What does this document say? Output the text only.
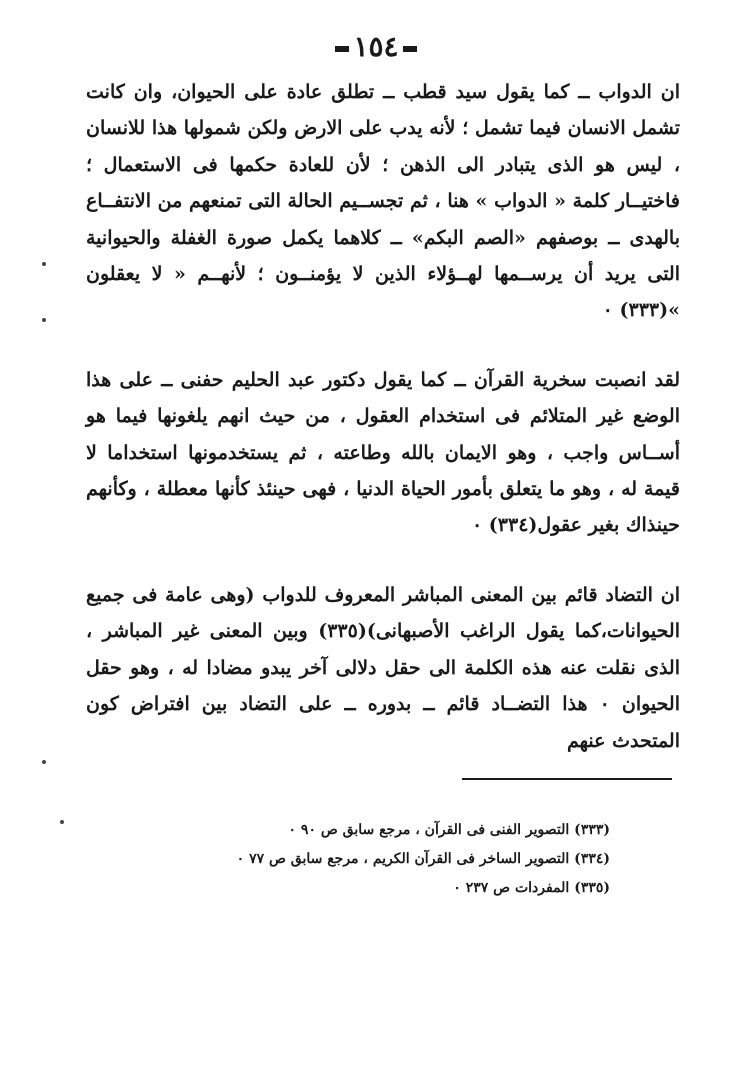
١٥٤

ان الدواب ــ كما يقول سيد قطب ــ تطلق عادة على الحيوان، وان كانت تشمل الانسان فيما تشمل ؛ لأنه يدب على الارض ولكن شمولها هذا للانسان ، ليس هو الذى يتبادر الى الذهن ؛ لأن للعادة حكمها فى الاستعمال ؛ فاختيــار كلمة « الدواب » هنا ، ثم تجســيم الحالة التى تمنعهم من الانتفــاع بالهدى ــ بوصفهم «الصم البكم» ــ كلاهما يكمل صورة الغفلة والحيوانية التى يريد أن يرســمها لهــؤلاء الذين لا يؤمنــون ؛ لأنهــم « لا يعقلون »(٣٣٣) ٠

لقد انصبت سخرية القرآن ــ كما يقول دكتور عبد الحليم حفنى ــ على هذا الوضع غير المتلائم فى استخدام العقول ، من حيث انهم يلغونها فيما هو أســاس واجب ، وهو الايمان بالله وطاعته ، ثم يستخدمونها استخداما لا قيمة له ، وهو ما يتعلق بأمور الحياة الدنيا ، فهى حينئذ كأنها معطلة ، وكأنهم حينذاك بغير عقول(٣٣٤) ٠

ان التضاد قائم بين المعنى المباشر المعروف للدواب (وهى عامة فى جميع الحيوانات،كما يقول الراغب الأصبهانى)(٣٣٥) وبين المعنى غير المباشر ، الذى نقلت عنه هذه الكلمة الى حقل دلالى آخر يبدو مضادا له ، وهو حقل الحيوان ٠ هذا التضــاد قائم ــ بدوره ــ على التضاد بين افتراض كون المتحدث عنهم

(٣٣٣) التصوير الفنى فى القرآن ، مرجع سابق ص ٩٠ ٠
(٣٣٤) التصوير الساخر فى القرآن الكريم ، مرجع سابق ص ٧٧ ٠
(٣٣٥) المفردات ص ٢٣٧ ٠
